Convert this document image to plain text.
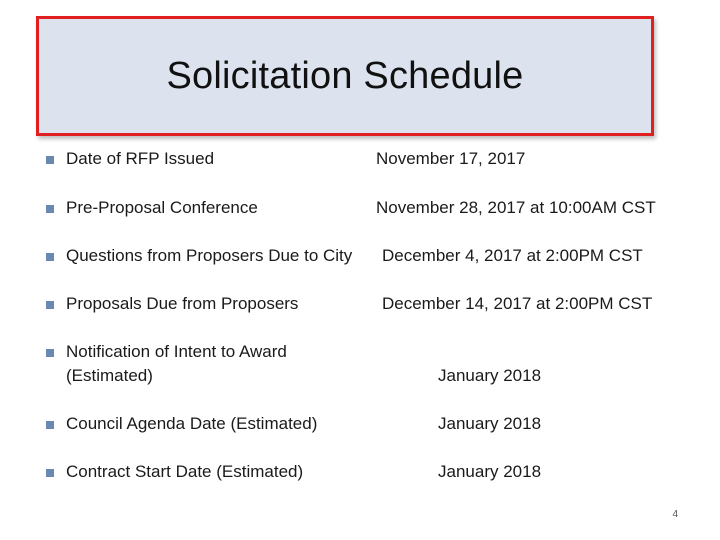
Solicitation Schedule
Date of RFP Issued	November 17, 2017
Pre-Proposal Conference	November 28, 2017 at 10:00AM CST
Questions from Proposers Due to City December 4, 2017 at 2:00PM CST
Proposals Due from Proposers	December 14, 2017 at 2:00PM CST
Notification of Intent to Award
(Estimated)	January 2018
Council Agenda Date (Estimated)	January 2018
Contract Start Date (Estimated)	January 2018
4
